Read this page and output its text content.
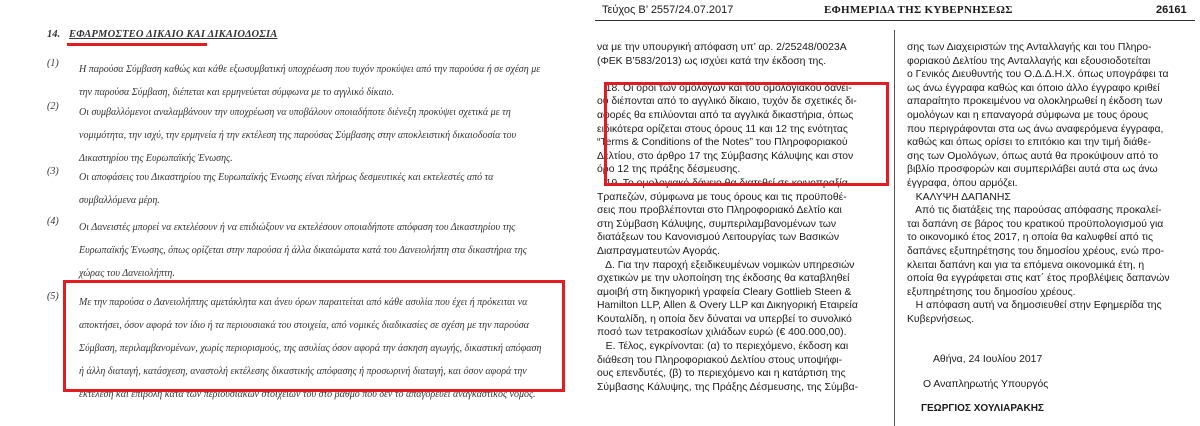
14. ΕΦΑΡΜΟΣΤΕΟ ΔΙΚΑΙΟ ΚΑΙ ΔΙΚΑΙΟΔΟΣΙΑ
(1)
Η παρούσα Σύμβαση καθώς και κάθε εξωσυμβατική υποχρέωση που τυχόν προκύψει από την παρούσα ή σε σχέση με
την παρούσα Σύμβαση, διέπεται και ερμηνεύεται σύμφωνα με το αγγλικό δίκαιο.
(2)
Οι συμβαλλόμενοι αναλαμβάνουν την υποχρέωση να υποβάλουν οποιαδήποτε διένεξη προκύψει σχετικά με τη
νομιμότητα, την ισχύ, την ερμηνεία ή την εκτέλεση της παρούσας Σύμβασης στην αποκλειστική δικαιοδοσία του
Δικαστηρίου της Ευρωπαϊκής Ένωσης.
(3)
Οι αποφάσεις του Δικαστηρίου της Ευρωπαϊκής Ένωσης είναι πλήρως δεσμευτικές και εκτελεστές από τα
συμβαλλόμενα μέρη.
(4)
Οι Δανειστές μπορεί να εκτελέσουν ή να επιδιώξουν να εκτελέσουν οποιαδήποτε απόφαση του Δικαστηρίου της
Ευρωπαϊκής Ένωσης, όπως ορίζεται στην παρούσα ή άλλα δικαιώματα κατά του Δανειολήπτη στα δικαστήρια της
χώρας του Δανειολήπτη.
(5)
Με την παρούσα ο Δανειολήπτης αμετάκλητα και άνευ όρων παραιτείται από κάθε ασυλία που έχει ή πρόκειται να
αποκτήσει, όσον αφορά τον ίδιο ή τα περιουσιακά του στοιχεία, από νομικές διαδικασίες σε σχέση με την παρούσα
Σύμβαση, περιλαμβανομένων, χωρίς περιορισμούς, της ασυλίας όσον αφορά την άσκηση αγωγής, δικαστική απόφαση
ή άλλη διαταγή, κατάσχεση, αναστολή εκτέλεσης δικαστικής απόφασης ή προσωρινή διαταγή, και όσον αφορά την
εκτέλεση και επιβολή κατά των περιουσιακών στοιχείων του στο βαθμό που δεν το απαγορεύει αναγκαστικός νόμος.
Τεύχος B’ 2557/24.07.2017	ΕΦΗΜΕΡΙΔΑ ΤΗΣ ΚΥΒΕΡΝΗΣΕΩΣ	26161
να με την υπουργική απόφαση υπ’ αρ. 2/25248/0023A
(ΦΕΚ Β’583/2013) ως ισχύει κατά την έκδοση της.
18. Οι όροι των ομολόγων και του ομολογιακού δανεί-
ου διέπονται από το αγγλικό δίκαιο, τυχόν δε σχετικές δι-
αφορές θα επιλύονται από τα αγγλικά δικαστήρια, όπως
ειδικότερα ορίζεται στους όρους 11 και 12 της ενότητας
“Terms & Conditions of the Notes” του Πληροφοριακού
Δελτίου, στο άρθρο 17 της Σύμβασης Κάλυψης και στον
όρο 12 της πράξης δέσμευσης.
19. Το ομολογιακό δάνειο θα διατεθεί σε κοινοπραξία
Τραπεζών, σύμφωνα με τους όρους και τις προϋποθέ-
σεις που προβλέπονται στο Πληροφοριακό Δελτίο και
στη Σύμβαση Κάλυψης, συμπεριλαμβανομένων των
διατάξεων του Κανονισμού Λειτουργίας των Βασικών
Διαπραγματευτών Αγοράς.
Δ. Για την παροχή εξειδικευμένων νομικών υπηρεσιών
σχετικών με την υλοποίηση της έκδοσης θα καταβληθεί
αμοιβή στη δικηγορική γραφεία Cleary Gottlieb Steen &
Hamilton LLP, Allen & Overy LLP και Δικηγορική Εταιρεία
Κουταλίδη, η οποία δεν δύναται να υπερβεί το συνολικό
ποσό των τετρακοσίων χιλιάδων ευρώ (€ 400.000,00).
Ε. Τέλος, εγκρίνονται: (α) το περιεχόμενο, έκδοση και
διάθεση του Πληροφοριακού Δελτίου στους υποψήφι-
ους επενδυτές, (β) το περιεχόμενο και η κατάρτιση της
Σύμβασης Κάλυψης, της Πράξης Δέσμευσης, της Σύμβα-
σης των Διαχειριστών της Ανταλλαγής και του Πληρο-
φοριακού Δελτίου της Ανταλλαγής και εξουσιοδοτείται
ο Γενικός Διευθυντής του Ο.Δ.Δ.Η.Χ. όπως υπογράφει τα
ως άνω έγγραφα καθώς και όποιο άλλο έγγραφο κριθεί
απαραίτητο προκειμένου να ολοκληρωθεί η έκδοση των
ομολόγων και η επαναγορά σύμφωνα με τους όρους
που περιγράφονται στα ως άνω αναφερόμενα έγγραφα,
καθώς και όπως ορίσει το επιτόκιο και την τιμή διάθε-
σης των Ομολόγων, όπως αυτά θα προκύψουν από το
βιβλίο προσφορών και συμπεριλάβει αυτά στα ως άνω
έγγραφα, όπου αρμόζει.
ΚΑΛΥΨΗ ΔΑΠΑΝΗΣ
Από τις διατάξεις της παρούσας απόφασης προκαλεί-
ται δαπάνη σε βάρος του κρατικού προϋπολογισμού για
το οικονομικό έτος 2017, η οποία θα καλυφθεί από τις
δαπάνες εξυπηρέτησης του δημοσίου χρέους, ενώ προ-
κλειται δαπάνη και για τα επόμενα οικονομικά έτη, η
οποία θα εγγράφεται στις κατ΄ έτος προβλέψεις δαπανών
εξυπηρέτησης του δημοσίου χρέους.
Η απόφαση αυτή να δημοσιευθεί στην Εφημερίδα της
Κυβερνήσεως.
Αθήνα, 24 Ιουλίου 2017
Ο Αναπληρωτής Υπουργός
ΓΕΩΡΓΙΟΣ ΧΟΥΛΙΑΡΑΚΗΣ
